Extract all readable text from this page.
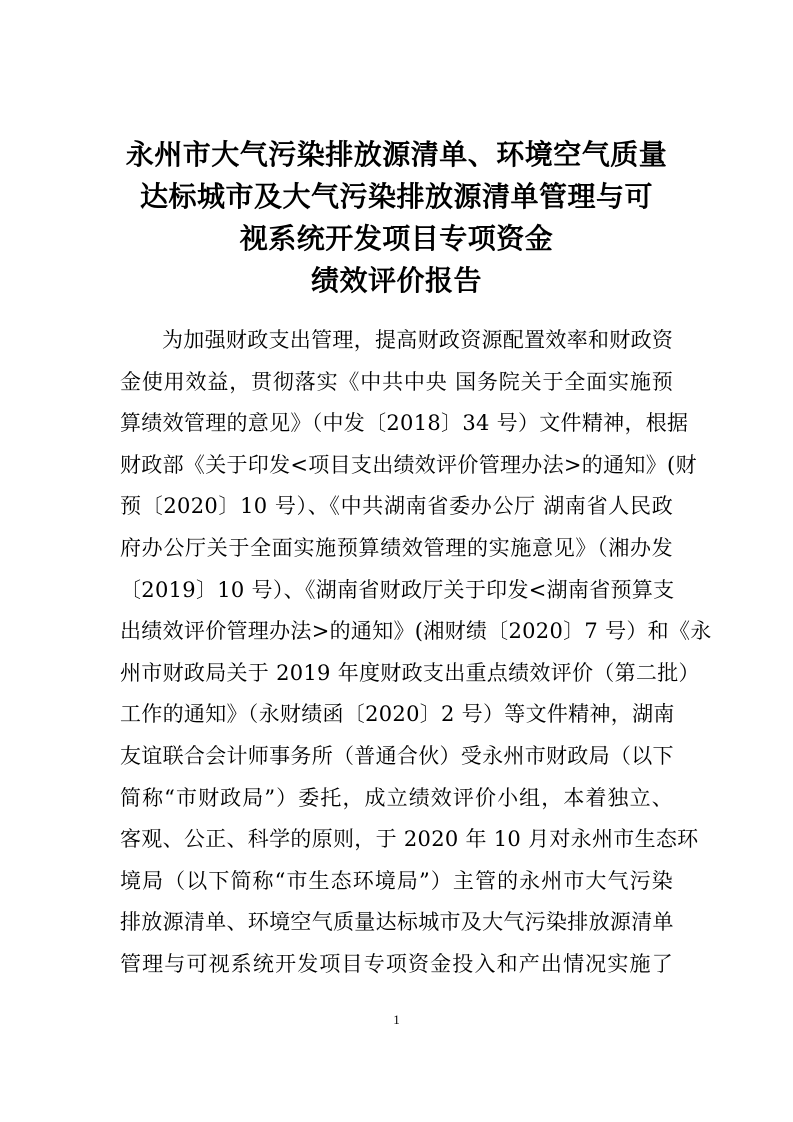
永州市大气污染排放源清单、环境空气质量
达标城市及大气污染排放源清单管理与可
视系统开发项目专项资金
绩效评价报告
为加强财政支出管理，提高财政资源配置效率和财政资
金使用效益，贯彻落实《中共中央 国务院关于全面实施预
算绩效管理的意见》（中发〔2018〕34 号）文件精神，根据
财政部《关于印发<项目支出绩效评价管理办法>的通知》(财
预〔2020〕10 号）、《中共湖南省委办公厅 湖南省人民政
府办公厅关于全面实施预算绩效管理的实施意见》（湘办发
〔2019〕10 号）、《湖南省财政厅关于印发<湖南省预算支
出绩效评价管理办法>的通知》(湘财绩〔2020〕7 号）和《永
州市财政局关于 2019 年度财政支出重点绩效评价（第二批）
工作的通知》（永财绩函〔2020〕2 号）等文件精神，湖南
友谊联合会计师事务所（普通合伙）受永州市财政局（以下
简称“市财政局”）委托，成立绩效评价小组，本着独立、
客观、公正、科学的原则，于 2020 年 10 月对永州市生态环
境局（以下简称“市生态环境局”）主管的永州市大气污染
排放源清单、环境空气质量达标城市及大气污染排放源清单
管理与可视系统开发项目专项资金投入和产出情况实施了
1
